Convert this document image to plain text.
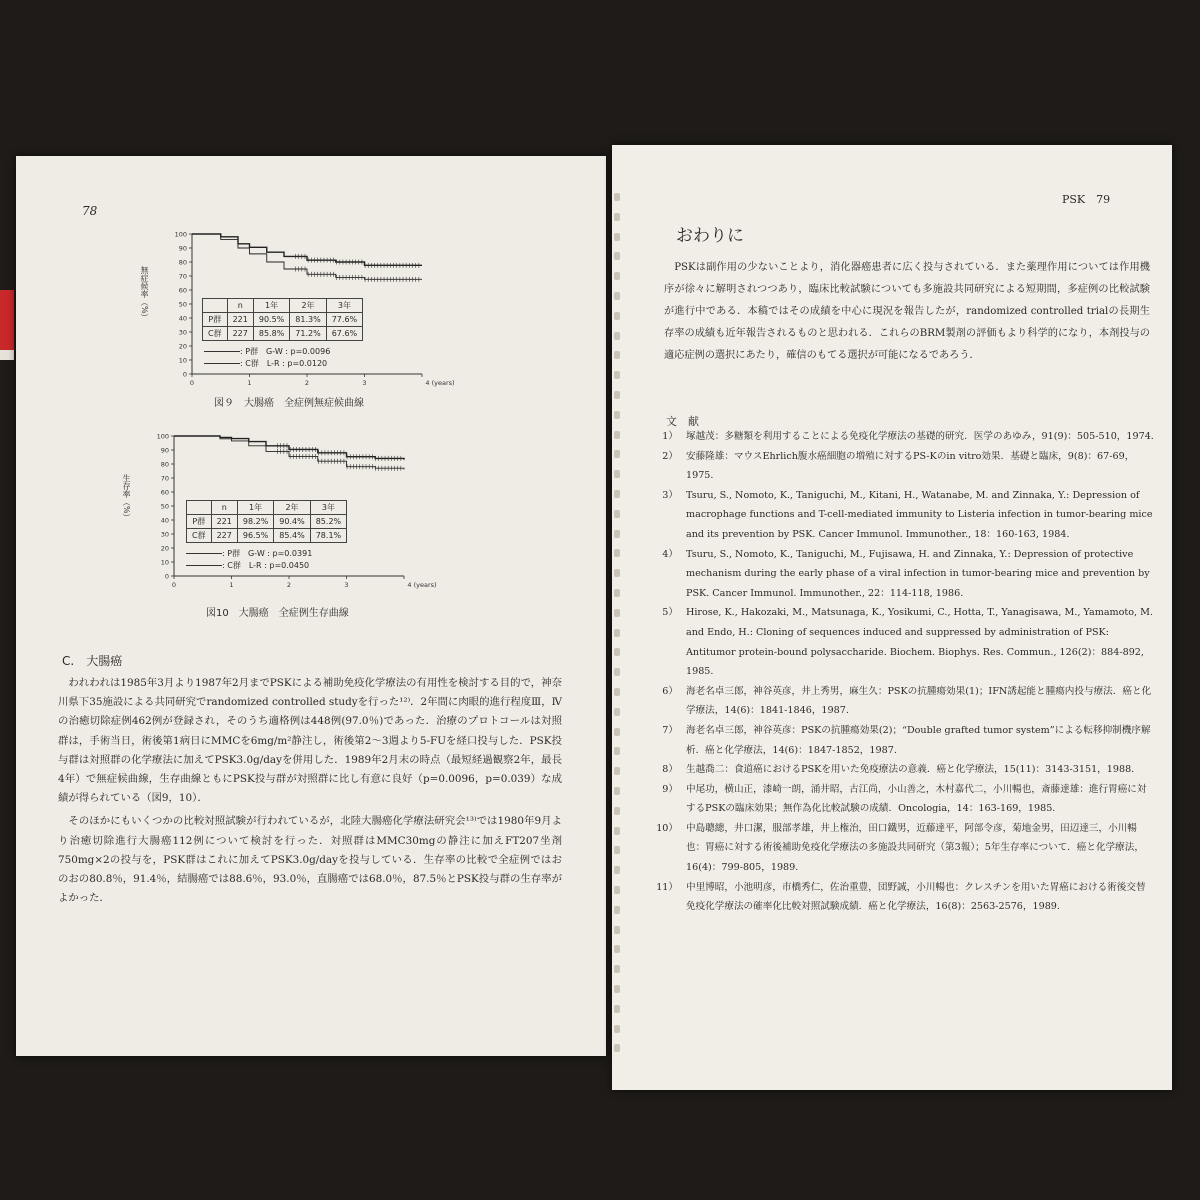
78
100
90
80
70
60
50
40
30
20
10
0
0	1	2	3	4 (years)
無症候率（%）
		n	1年	2年	3年
P群	221	90.5%	81.3%	77.6%
C群	227	85.8%	71.2%	67.6%
: P群　G-W : p=0.0096
: C群　L-R : p=0.0120
図９　大腸癌　全症例無症候曲線
100
90
80
70
60
50
40
30
20
10
0
0	1	2	3	4 (years)
生存率（%）
		n	1年	2年	3年
P群	221	98.2%	90.4%	85.2%
C群	227	96.5%	85.4%	78.1%
: P群　G-W : p=0.0391
: C群　L-R : p=0.0450
図10　大腸癌　全症例生存曲線
C.　大腸癌

われわれは1985年3月より1987年2月までPSKによる補助免疫化学療法の有用性を検討する目的で，神奈川県下35施設による共同研究でrandomized controlled studyを行った¹²⁾．2年間に肉眼的進行程度Ⅲ，Ⅳの治癒切除症例462例が登録され，そのうち適格例は448例(97.0％)であった．治療のプロトコールは対照群は，手術当日，術後第1病日にMMCを6mg/m²静注し，術後第2～3週より5-FUを経口投与した．PSK投与群は対照群の化学療法に加えてPSK3.0g/dayを併用した．1989年2月末の時点（最短経過観察2年，最長4年）で無症候曲線，生存曲線ともにPSK投与群が対照群に比し有意に良好（p=0.0096，p=0.039）な成績が得られている（図9，10）．

そのほかにもいくつかの比較対照試験が行われているが，北陸大腸癌化学療法研究会¹³⁾では1980年9月より治癒切除進行大腸癌112例について検討を行った．対照群はMMC30mgの静注に加えFT207坐剤750mg×2の投与を，PSK群はこれに加えてPSK3.0g/dayを投与している．生存率の比較で全症例ではおのおの80.8％，91.4％，結腸癌では88.6％，93.0％，直腸癌では68.0％，87.5％とPSK投与群の生存率がよかった．

PSK　79
おわりに

PSKは副作用の少ないことより，消化器癌患者に広く投与されている．また薬理作用については作用機序が徐々に解明されつつあり，臨床比較試験についても多施設共同研究による短期間，多症例の比較試験が進行中である．本稿ではその成績を中心に現況を報告したが，randomized controlled trialの長期生存率の成績も近年報告されるものと思われる．これらのBRM製剤の評価もより科学的になり，本剤投与の適応症例の選択にあたり，確信のもてる選択が可能になるであろう．

文　献
1） 塚越茂：多糖類を利用することによる免疫化学療法の基礎的研究．医学のあゆみ，91(9)：505-510，1974.
2） 安藤隆雄：マウスEhrlich腹水癌細胞の増殖に対するPS-Kのin vitro効果．基礎と臨床，9(8)：67-69，1975.
3） Tsuru, S., Nomoto, K., Taniguchi, M., Kitani, H., Watanabe, M. and Zinnaka, Y.: Depression of macrophage functions and T-cell-mediated immunity to Listeria infection in tumor-bearing mice and its prevention by PSK. Cancer Immunol. Immunother., 18：160-163, 1984.
4） Tsuru, S., Nomoto, K., Taniguchi, M., Fujisawa, H. and Zinnaka, Y.: Depression of protective mechanism during the early phase of a viral infection in tumor-bearing mice and prevention by PSK. Cancer Immunol. Immunother., 22：114-118, 1986.
5） Hirose, K., Hakozaki, M., Matsunaga, K., Yosikumi, C., Hotta, T., Yanagisawa, M., Yamamoto, M. and Endo, H.: Cloning of sequences induced and suppressed by administration of PSK: Antitumor protein-bound polysaccharide. Biochem. Biophys. Res. Commun., 126(2)：884-892, 1985.
6） 海老名卓三郎，神谷英彦，井上秀男，麻生久：PSKの抗腫瘍効果(1)；IFN誘起能と腫瘍内投与療法．癌と化学療法，14(6)：1841-1846，1987.
7） 海老名卓三郎，神谷英彦：PSKの抗腫瘍効果(2)；“Double grafted tumor system”による転移抑制機序解析．癌と化学療法，14(6)：1847-1852，1987.
8） 生越喬二：食道癌におけるPSKを用いた免疫療法の意義．癌と化学療法，15(11)：3143-3151，1988.
9） 中尾功，横山正，漆崎一朗，涌井昭，古江尚，小山善之，木村嘉代二，小川暢也，斎藤達雄：進行胃癌に対するPSKの臨床効果；無作為化比較試験の成績．Oncologia，14：163-169，1985.
10） 中島聰總，井口潔，服部孝雄，井上権治，田口鐵男，近藤達平，阿部令彦，菊地金男，田辺達三，小川暢也：胃癌に対する術後補助免疫化学療法の多施設共同研究（第3報）；5年生存率について．癌と化学療法，16(4)：799-805，1989.
11） 中里博昭，小池明彦，市橋秀仁，佐治重豊，団野誠，小川暢也：クレスチンを用いた胃癌における術後交替免疫化学療法の確率化比較対照試験成績．癌と化学療法，16(8)：2563-2576，1989.
